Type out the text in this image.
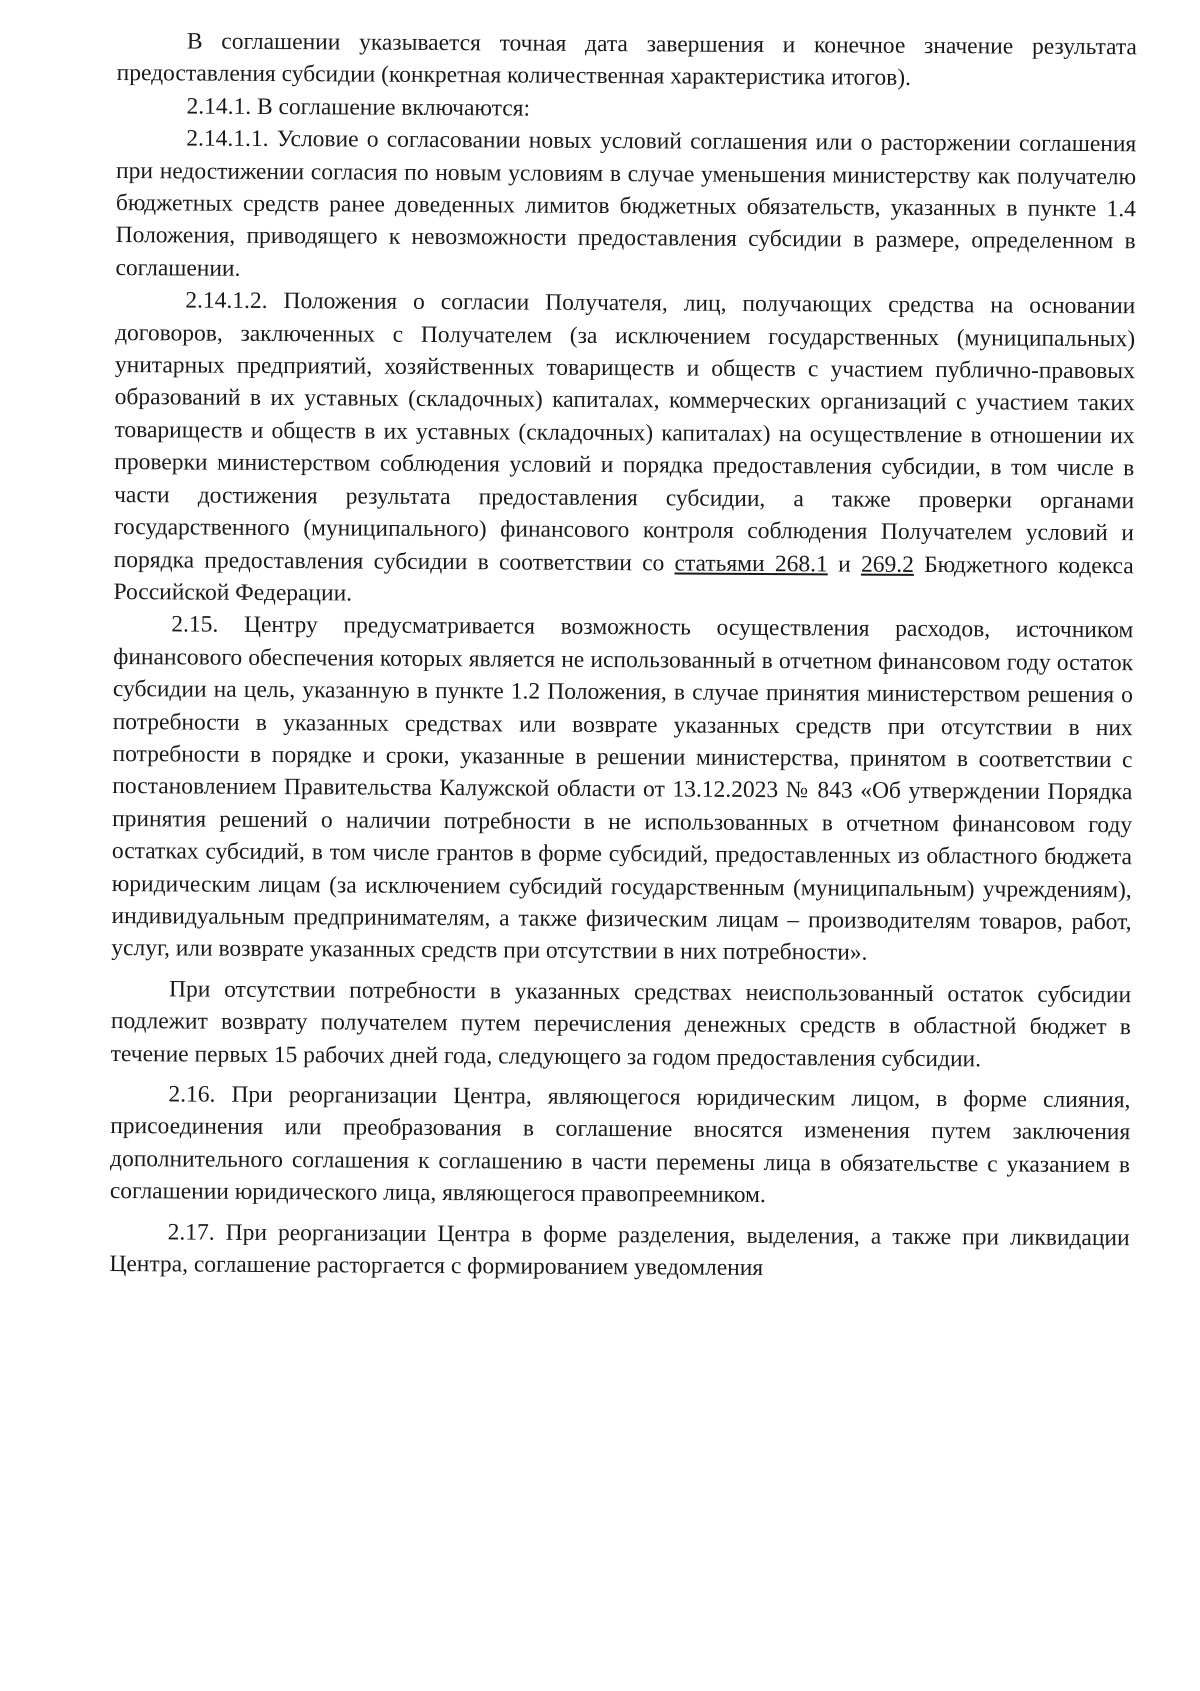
В соглашении указывается точная дата завершения и конечное значение результата предоставления субсидии (конкретная количественная характеристика итогов).

2.14.1. В соглашение включаются:

2.14.1.1. Условие о согласовании новых условий соглашения или о расторжении соглашения при недостижении согласия по новым условиям в случае уменьшения министерству как получателю бюджетных средств ранее доведенных лимитов бюджетных обязательств, указанных в пункте 1.4 Положения, приводящего к невозможности предоставления субсидии в размере, определенном в соглашении.

2.14.1.2. Положения о согласии Получателя, лиц, получающих средства на основании договоров, заключенных с Получателем (за исключением государственных (муниципальных) унитарных предприятий, хозяйственных товариществ и обществ с участием публично-правовых образований в их уставных (складочных) капиталах, коммерческих организаций с участием таких товариществ и обществ в их уставных (складочных) капиталах) на осуществление в отношении их проверки министерством соблюдения условий и порядка предоставления субсидии, в том числе в части достижения результата предоставления субсидии, а также проверки органами государственного (муниципального) финансового контроля соблюдения Получателем условий и порядка предоставления субсидии в соответствии со статьями 268.1 и 269.2 Бюджетного кодекса Российской Федерации.

2.15. Центру предусматривается возможность осуществления расходов, источником финансового обеспечения которых является не использованный в отчетном финансовом году остаток субсидии на цель, указанную в пункте 1.2 Положения, в случае принятия министерством решения о потребности в указанных средствах или возврате указанных средств при отсутствии в них потребности в порядке и сроки, указанные в решении министерства, принятом в соответствии с постановлением Правительства Калужской области от 13.12.2023 № 843 «Об утверждении Порядка принятия решений о наличии потребности в не использованных в отчетном финансовом году остатках субсидий, в том числе грантов в форме субсидий, предоставленных из областного бюджета юридическим лицам (за исключением субсидий государственным (муниципальным) учреждениям), индивидуальным предпринимателям, а также физическим лицам – производителям товаров, работ, услуг, или возврате указанных средств при отсутствии в них потребности».

При отсутствии потребности в указанных средствах неиспользованный остаток субсидии подлежит возврату получателем путем перечисления денежных средств в областной бюджет в течение первых 15 рабочих дней года, следующего за годом предоставления субсидии.

2.16. При реорганизации Центра, являющегося юридическим лицом, в форме слияния, присоединения или преобразования в соглашение вносятся изменения путем заключения дополнительного соглашения к соглашению в части перемены лица в обязательстве с указанием в соглашении юридического лица, являющегося правопреемником.

2.17. При реорганизации Центра в форме разделения, выделения, а также при ликвидации Центра, соглашение расторгается с формированием уведомления
